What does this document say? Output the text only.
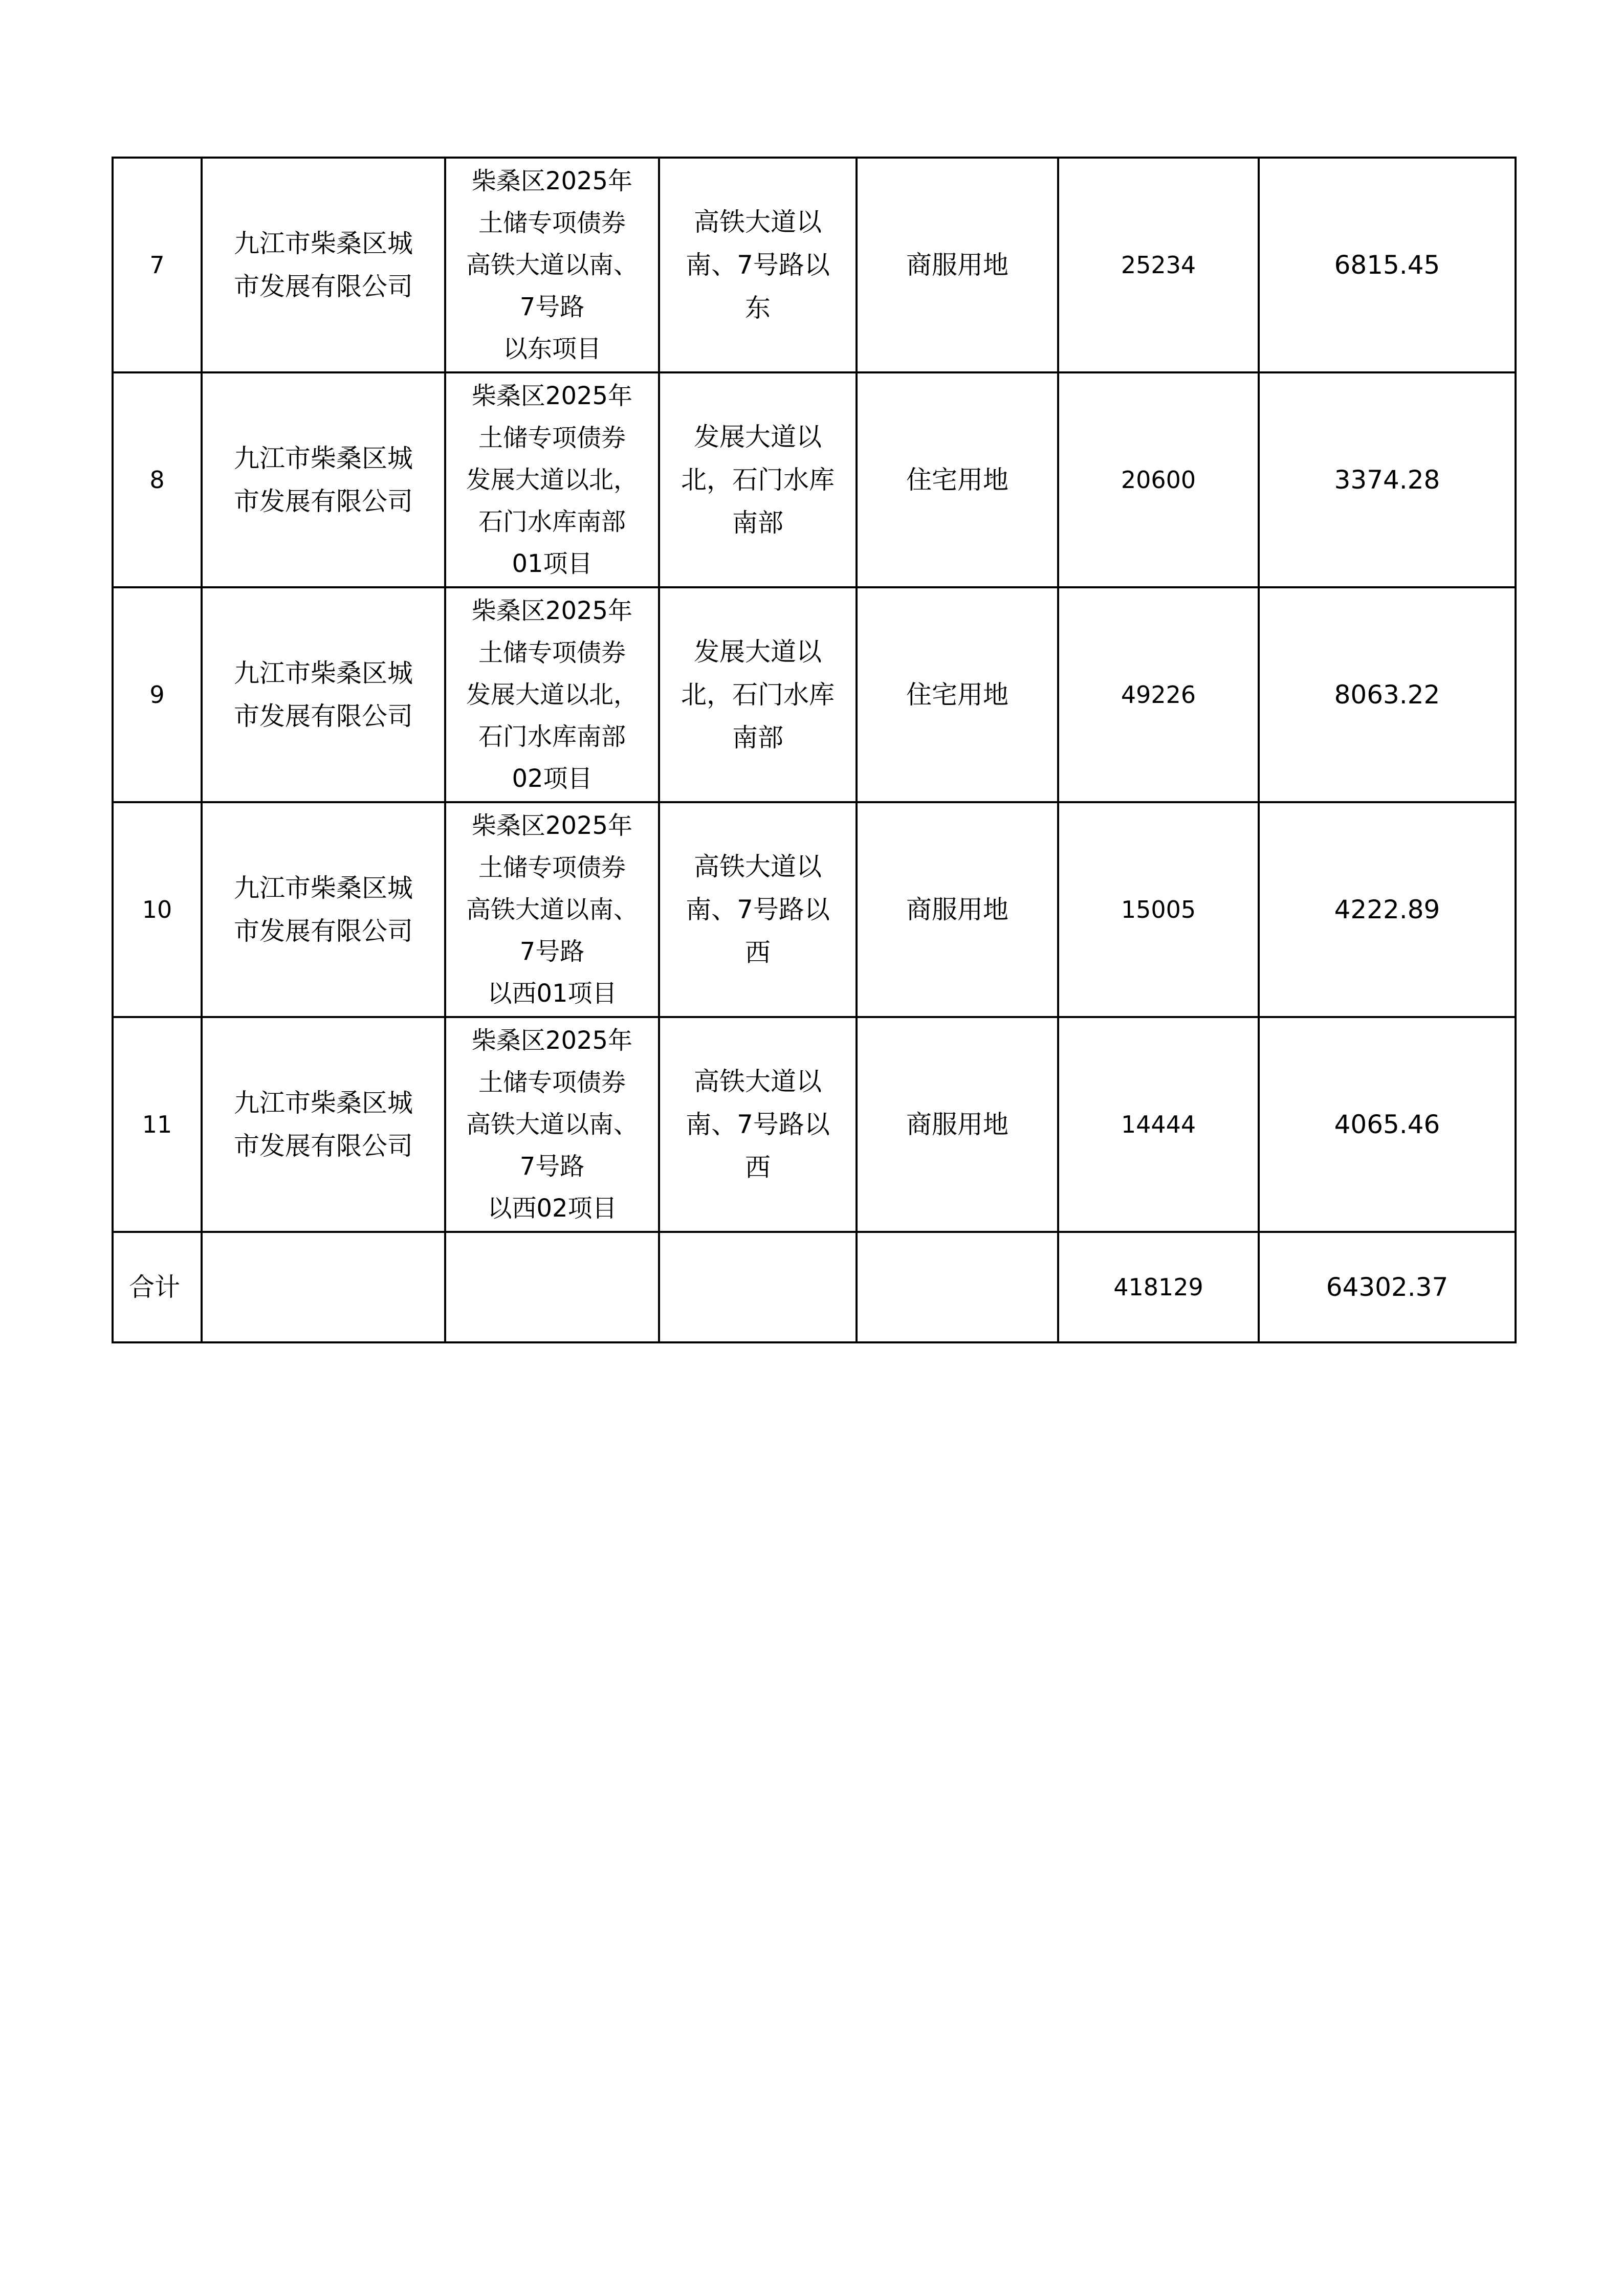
7	九江市柴桑区城
市发展有限公司	柴桑区2025年
土储专项债券
高铁大道以南、
7号路
以东项目	高铁大道以
南、7号路以
东	商服用地	25234	6815.45
8	九江市柴桑区城
市发展有限公司	柴桑区2025年
土储专项债券
发展大道以北，
石门水库南部
01项目	发展大道以
北，石门水库
南部	住宅用地	20600	3374.28
9	九江市柴桑区城
市发展有限公司	柴桑区2025年
土储专项债券
发展大道以北，
石门水库南部
02项目	发展大道以
北，石门水库
南部	住宅用地	49226	8063.22
10	九江市柴桑区城
市发展有限公司	柴桑区2025年
土储专项债券
高铁大道以南、
7号路
以西01项目	高铁大道以
南、7号路以
西	商服用地	15005	4222.89
11	九江市柴桑区城
市发展有限公司	柴桑区2025年
土储专项债券
高铁大道以南、
7号路
以西02项目	高铁大道以
南、7号路以
西	商服用地	14444	4065.46
合计					418129	64302.37
